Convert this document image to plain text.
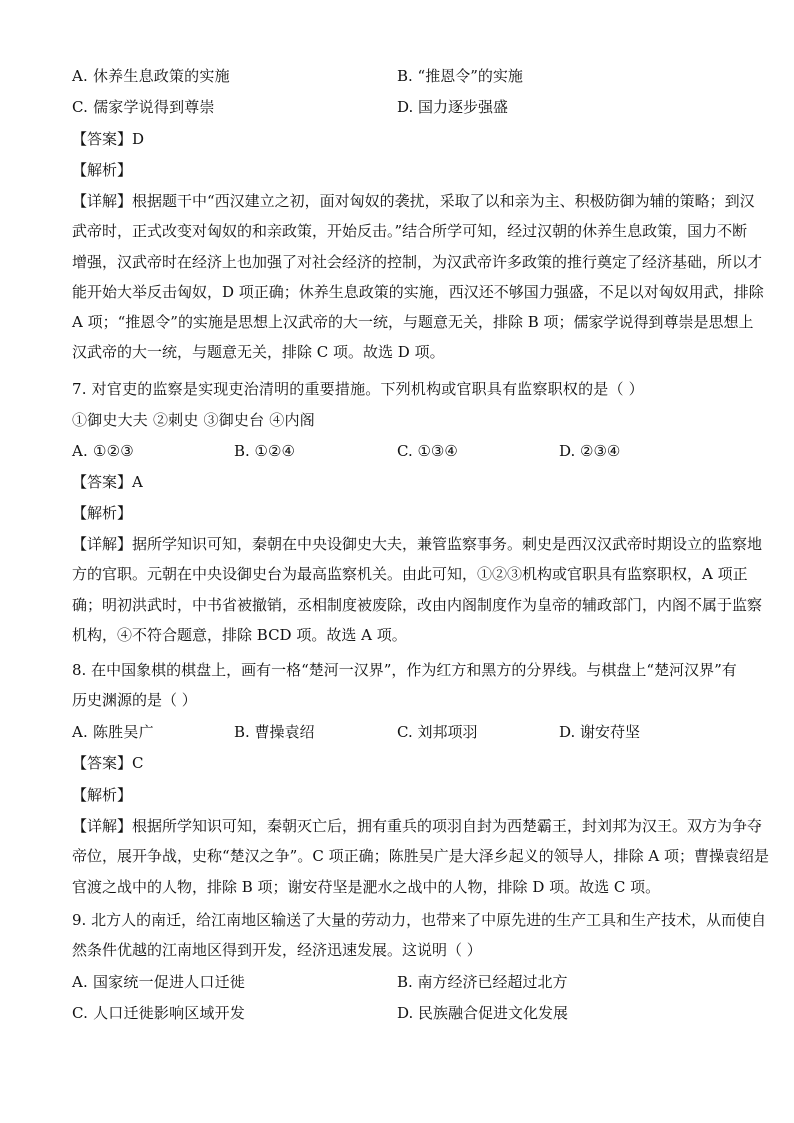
A. 休养生息政策的实施	B. “推恩令”的实施
C. 儒家学说得到尊崇	D. 国力逐步强盛
【答案】D
【解析】
【详解】根据题干中“西汉建立之初，面对匈奴的袭扰，采取了以和亲为主、积极防御为辅的策略；到汉
武帝时，正式改变对匈奴的和亲政策，开始反击。”结合所学可知，经过汉朝的休养生息政策，国力不断
增强，汉武帝时在经济上也加强了对社会经济的控制，为汉武帝许多政策的推行奠定了经济基础，所以才
能开始大举反击匈奴，D 项正确；休养生息政策的实施，西汉还不够国力强盛，不足以对匈奴用武，排除
A 项；“推恩令”的实施是思想上汉武帝的大一统，与题意无关，排除 B 项；儒家学说得到尊崇是思想上
汉武帝的大一统，与题意无关，排除 C 项。故选 D 项。
7. 对官吏的监察是实现吏治清明的重要措施。下列机构或官职具有监察职权的是（ ）
①御史大夫 ②刺史 ③御史台 ④内阁
A. ①②③	B. ①②④	C. ①③④	D. ②③④
【答案】A
【解析】
【详解】据所学知识可知，秦朝在中央设御史大夫，兼管监察事务。刺史是西汉汉武帝时期设立的监察地
方的官职。元朝在中央设御史台为最高监察机关。由此可知，①②③机构或官职具有监察职权，A 项正
确；明初洪武时，中书省被撤销，丞相制度被废除，改由内阁制度作为皇帝的辅政部门，内阁不属于监察
机构，④不符合题意，排除 BCD 项。故选 A 项。
8. 在中国象棋的棋盘上，画有一格“楚河一汉界”，作为红方和黑方的分界线。与棋盘上“楚河汉界”有
历史渊源的是（ ）
A. 陈胜吴广	B. 曹操袁绍	C. 刘邦项羽	D. 谢安苻坚
【答案】C
【解析】
【详解】根据所学知识可知，秦朝灭亡后，拥有重兵的项羽自封为西楚霸王，封刘邦为汉王。双方为争夺
帝位，展开争战，史称“楚汉之争”。C 项正确；陈胜吴广是大泽乡起义的领导人，排除 A 项；曹操袁绍是
官渡之战中的人物，排除 B 项；谢安苻坚是淝水之战中的人物，排除 D 项。故选 C 项。
9. 北方人的南迁，给江南地区输送了大量的劳动力，也带来了中原先进的生产工具和生产技术，从而使自
然条件优越的江南地区得到开发，经济迅速发展。这说明（ ）
A. 国家统一促进人口迁徙	B. 南方经济已经超过北方
C. 人口迁徙影响区域开发	D. 民族融合促进文化发展
